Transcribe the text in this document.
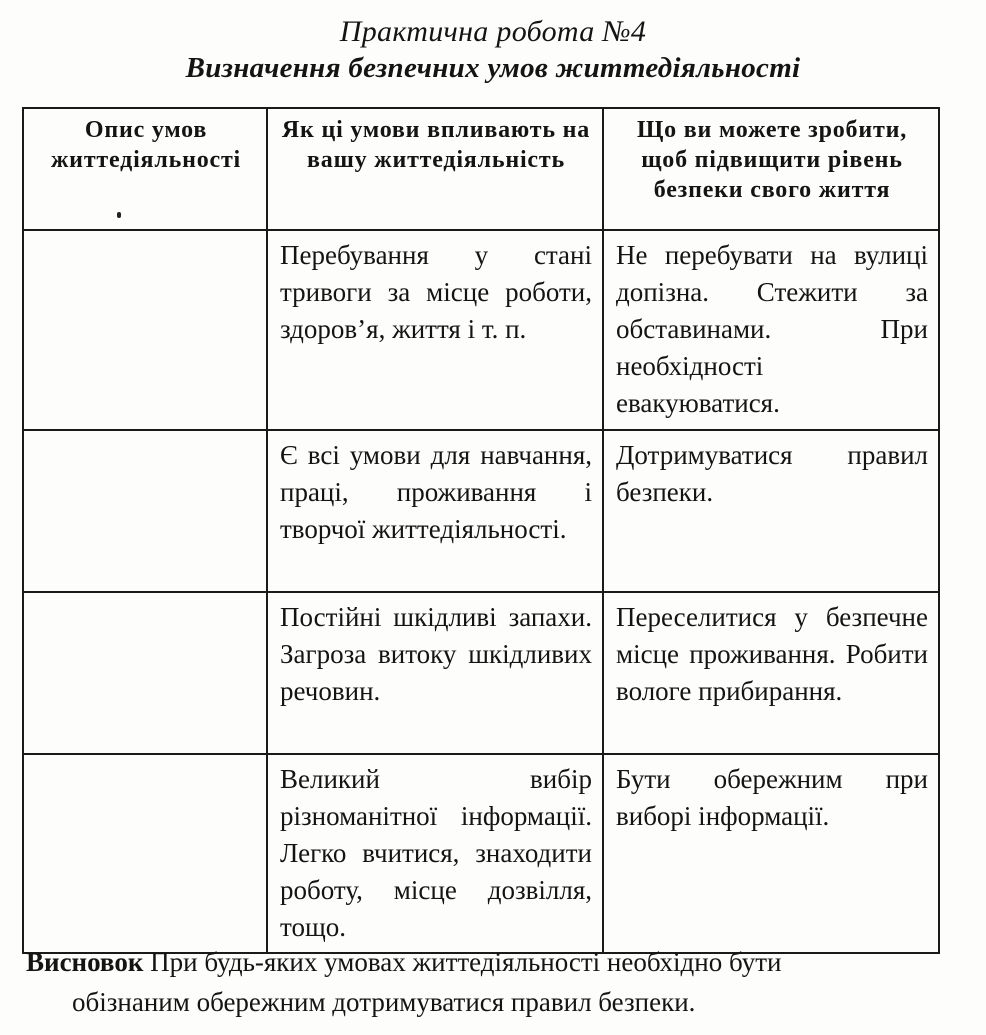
Практична робота №4
Визначення безпечних умов життедіяльності
Опис умов життедіяльності	Як ці умови впливають на вашу життедіяльність	Що ви можете зробити, щоб підвищити рівень безпеки свого життя
	Перебування у стані тривоги за місце роботи, здоров’я, життя і т. п.	Не перебувати на вулиці допізна. Стежити за обставинами. При необхідності евакуюватися.
	Є всі умови для навчання, праці, проживання і творчої життедіяльності.	Дотримуватися правил безпеки.
	Постійні шкідливі запахи. Загроза витоку шкідливих речовин.	Переселитися у безпечне місце проживання. Робити вологе прибирання.
	Великий вибір різноманітної інформації. Легко вчитися, знаходити роботу, місце дозвілля, тощо.	Бути обережним при виборі інформації.
Висновок При будь-яких умовах життедіяльності необхідно бути
обізнаним обережним дотримуватися правил безпеки.
